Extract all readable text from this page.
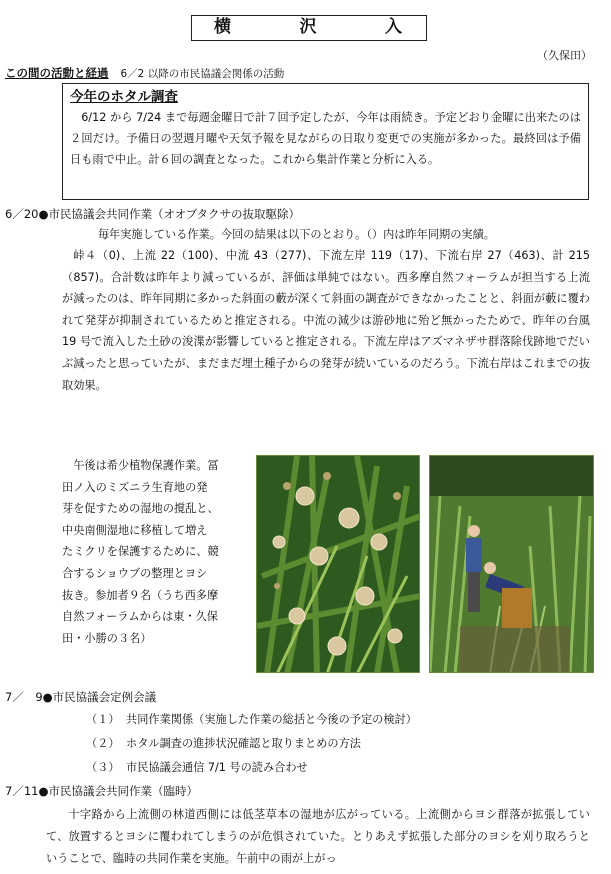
横	沢	入
（久保田）
この間の活動と経過 6／2 以降の市民協議会関係の活動
今年のホタル調査
6/12 から 7/24 まで毎週金曜日で計７回予定したが、今年は雨続き。予定どおり金曜に出来たのは２回だけ。予備日の翌週月曜や天気予報を見ながらの日取り変更での実施が多かった。最終回は予備日も雨で中止。計６回の調査となった。これから集計作業と分析に入る。
6／20●市民協議会共同作業（オオブタクサの抜取駆除）
毎年実施している作業。今回の結果は以下のとおり。（）内は昨年同期の実績。
峠４（0)、上流 22（100)、中流 43（277)、下流左岸 119（17)、下流右岸 27（463)、計 215（857)。合計数は昨年より減っているが、評価は単純ではない。西多摩自然フォーラムが担当する上流が減ったのは、昨年同期に多かった斜面の藪が深くて斜面の調査ができなかったことと、斜面が藪に覆われて発芽が抑制されているためと推定される。中流の減少は游砂地に殆ど無かったためで、昨年の台風 19 号で流入した土砂の浚渫が影響していると推定される。下流左岸はアズマネザサ群落除伐跡地でだいぶ減ったと思っていたが、まだまだ埋土種子からの発芽が続いているのだろう。下流右岸はこれまでの抜取効果。
午後は希少植物保護作業。冨
田ノ入のミズニラ生育地の発
芽を促すための湿地の撹乱と、
中央南側湿地に移植して増え
たミクリを保護するために、競
合するショウブの整理とヨシ
抜き。参加者９名（うち西多摩
自然フォーラムからは東・久保
田・小勝の３名）
7／　9●市民協議会定例会議
（１） 共同作業関係（実施した作業の総括と今後の予定の検討）
（２） ホタル調査の進捗状況確認と取りまとめの方法
（３） 市民協議会通信 7/1 号の読み合わせ
7／11●市民協議会共同作業（臨時）
十字路から上流側の林道西側には低茎草本の湿地が広がっている。上流側からヨシ群落が拡張していて、放置するとヨシに覆われてしまうのが危惧されていた。とりあえず拡張した部分のヨシを刈り取ろうということで、臨時の共同作業を実施。午前中の雨が上がっ
